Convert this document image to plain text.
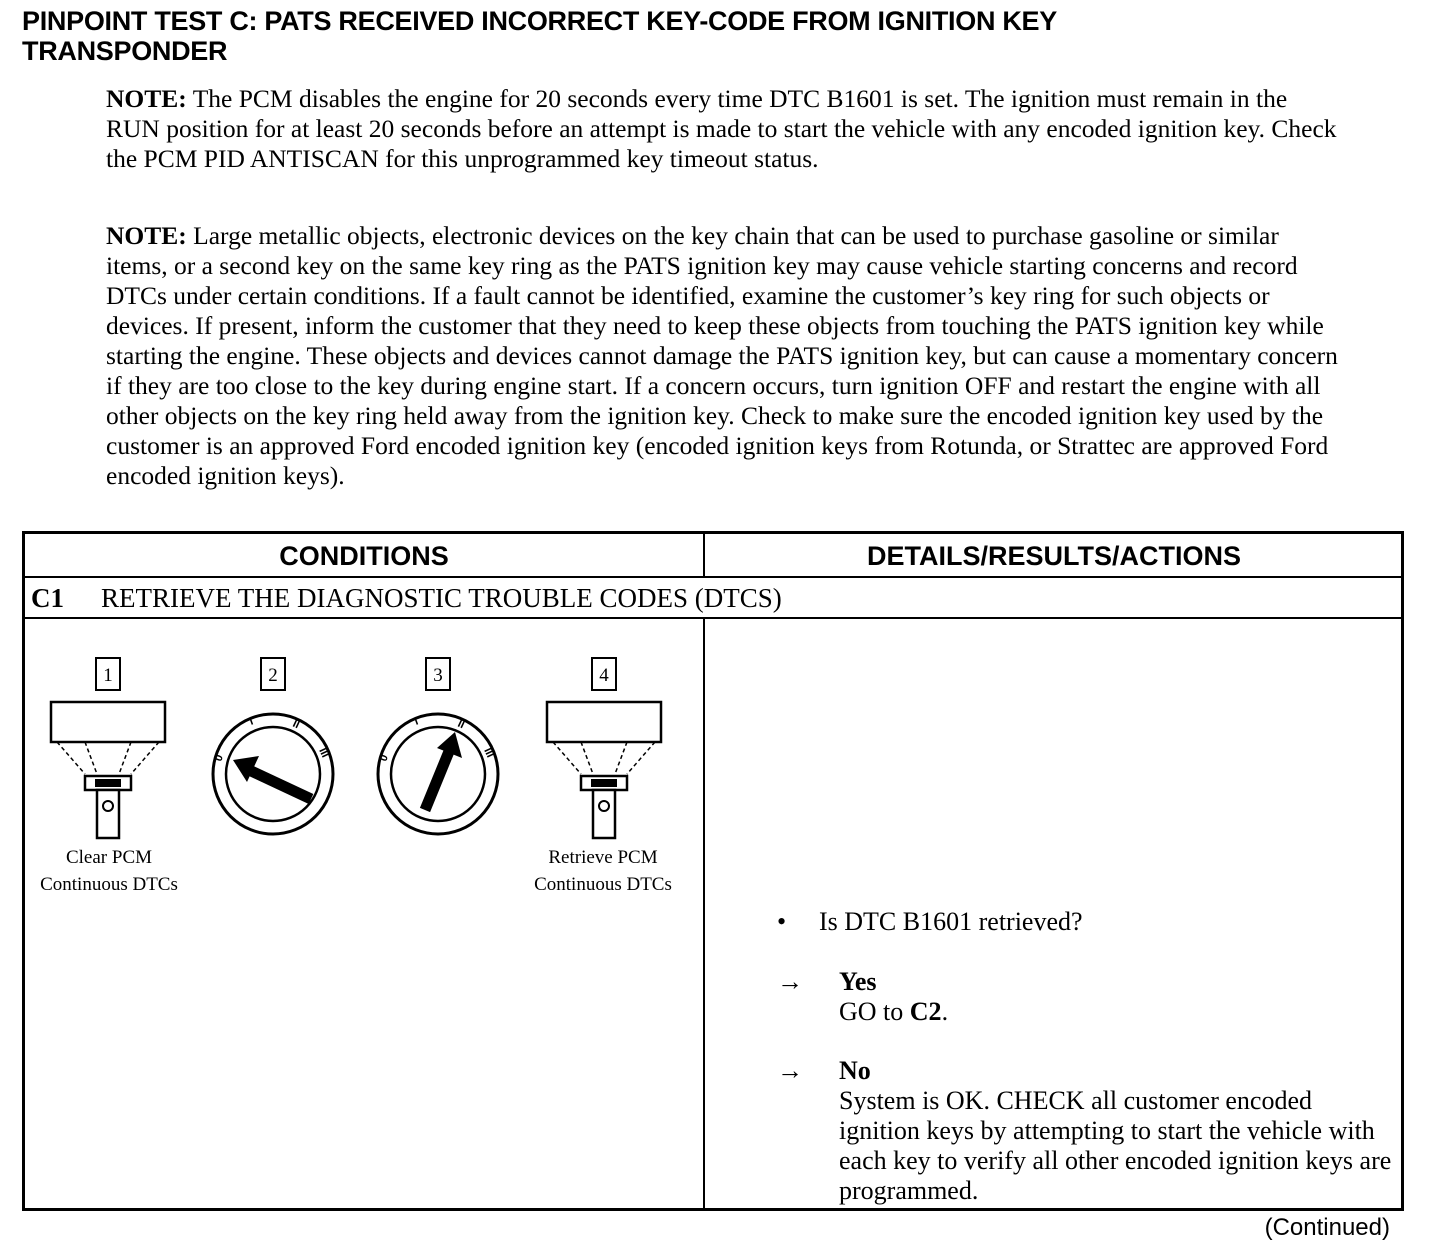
PINPOINT TEST C: PATS RECEIVED INCORRECT KEY-CODE FROM IGNITION KEY
TRANSPONDER
NOTE: The PCM disables the engine for 20 seconds every time DTC B1601 is set. The ignition must remain in the RUN position for at least 20 seconds before an attempt is made to start the vehicle with any encoded ignition key. Check the PCM PID ANTISCAN for this unprogrammed key timeout status.
NOTE: Large metallic objects, electronic devices on the key chain that can be used to purchase gasoline or similar items, or a second key on the same key ring as the PATS ignition key may cause vehicle starting concerns and record DTCs under certain conditions. If a fault cannot be identified, examine the customer’s key ring for such objects or devices. If present, inform the customer that they need to keep these objects from touching the PATS ignition key while starting the engine. These objects and devices cannot damage the PATS ignition key, but can cause a momentary concern if they are too close to the key during engine start. If a concern occurs, turn ignition OFF and restart the engine with all other objects on the key ring held away from the ignition key. Check to make sure the encoded ignition key used by the customer is an approved Ford encoded ignition key (encoded ignition keys from Rotunda, or Strattec are approved Ford encoded ignition keys).
CONDITIONS	DETAILS/RESULTS/ACTIONS
C1 RETRIEVE THE DIAGNOSTIC TROUBLE CODES (DTCS)
1	2	3	4
0
I	II
III	0
I	II
III
Clear PCM
Continuous DTCs
Retrieve PCM
Continuous DTCs
• Is DTC B1601 retrieved?
→ Yes
GO to C2.
→ No
System is OK. CHECK all customer encoded ignition keys by attempting to start the vehicle with each key to verify all other encoded ignition keys are programmed.
(Continued)
